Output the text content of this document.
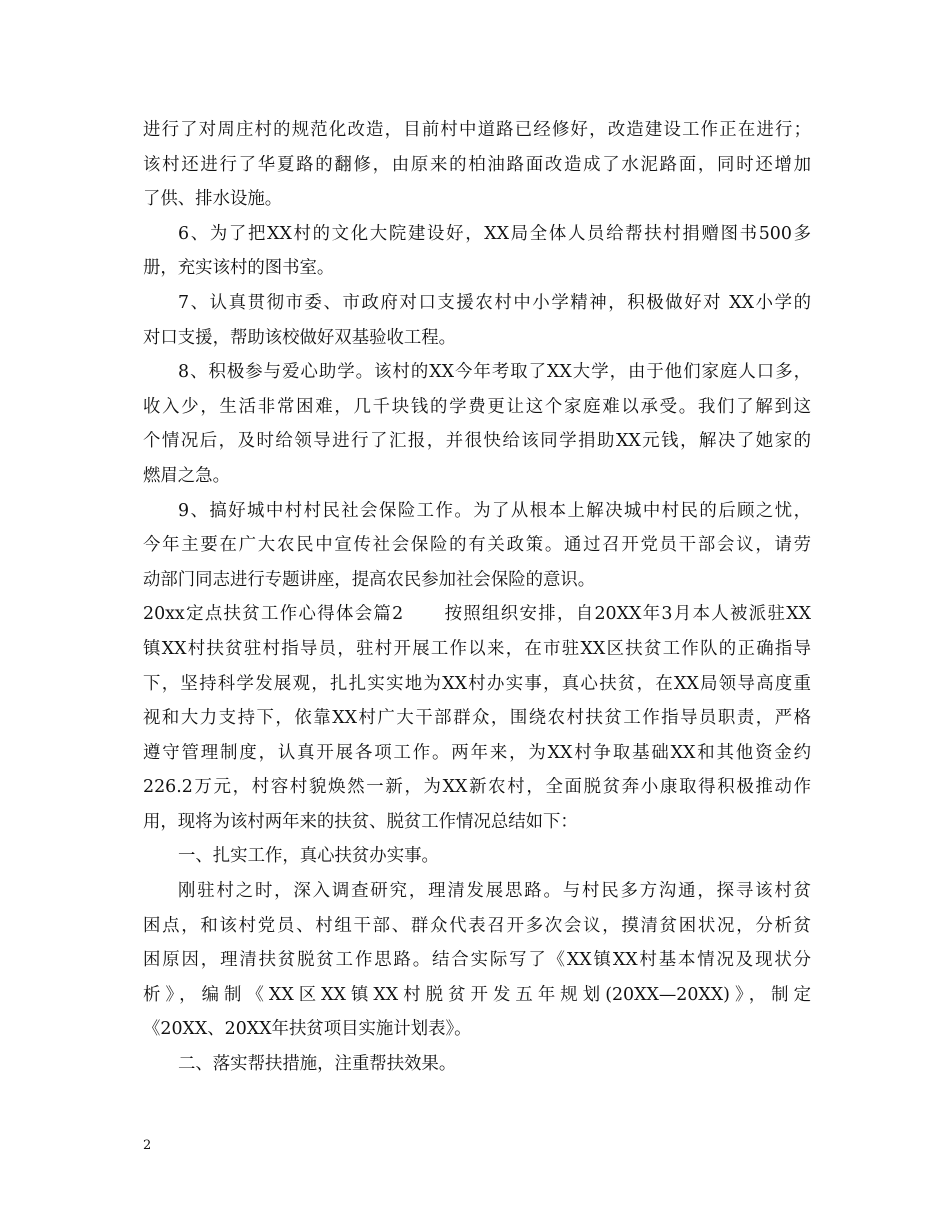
进行了对周庄村的规范化改造，目前村中道路已经修好，改造建设工作正在进行；
该村还进行了华夏路的翻修，由原来的柏油路面改造成了水泥路面，同时还增加
了供、排水设施。
6、为了把XX村的文化大院建设好，XX局全体人员给帮扶村捐赠图书500多
册，充实该村的图书室。
7、认真贯彻市委、市政府对口支援农村中小学精神，积极做好对 XX小学的
对口支援，帮助该校做好双基验收工程。
8、积极参与爱心助学。该村的XX今年考取了XX大学，由于他们家庭人口多，
收入少，生活非常困难，几千块钱的学费更让这个家庭难以承受。我们了解到这
个情况后，及时给领导进行了汇报，并很快给该同学捐助XX元钱，解决了她家的
燃眉之急。
9、搞好城中村村民社会保险工作。为了从根本上解决城中村民的后顾之忧，
今年主要在广大农民中宣传社会保险的有关政策。通过召开党员干部会议，请劳
动部门同志进行专题讲座，提高农民参加社会保险的意识。
20xx定点扶贫工作心得体会篇2 按照组织安排，自20XX年3月本人被派驻XX
镇XX村扶贫驻村指导员，驻村开展工作以来，在市驻XX区扶贫工作队的正确指导
下，坚持科学发展观，扎扎实实地为XX村办实事，真心扶贫，在XX局领导高度重
视和大力支持下，依靠XX村广大干部群众，围绕农村扶贫工作指导员职责，严格
遵守管理制度，认真开展各项工作。两年来，为XX村争取基础XX和其他资金约
226.2万元，村容村貌焕然一新，为XX新农村，全面脱贫奔小康取得积极推动作
用，现将为该村两年来的扶贫、脱贫工作情况总结如下：
一、扎实工作，真心扶贫办实事。
刚驻村之时，深入调查研究，理清发展思路。与村民多方沟通，探寻该村贫
困点，和该村党员、村组干部、群众代表召开多次会议，摸清贫困状况，分析贫
困原因，理清扶贫脱贫工作思路。结合实际写了《XX镇XX村基本情况及现状分
析》，编制《XX区XX镇XX村脱贫开发五年规划(20XX—20XX)》，制定
《20XX、20XX年扶贫项目实施计划表》。
二、落实帮扶措施，注重帮扶效果。
2
